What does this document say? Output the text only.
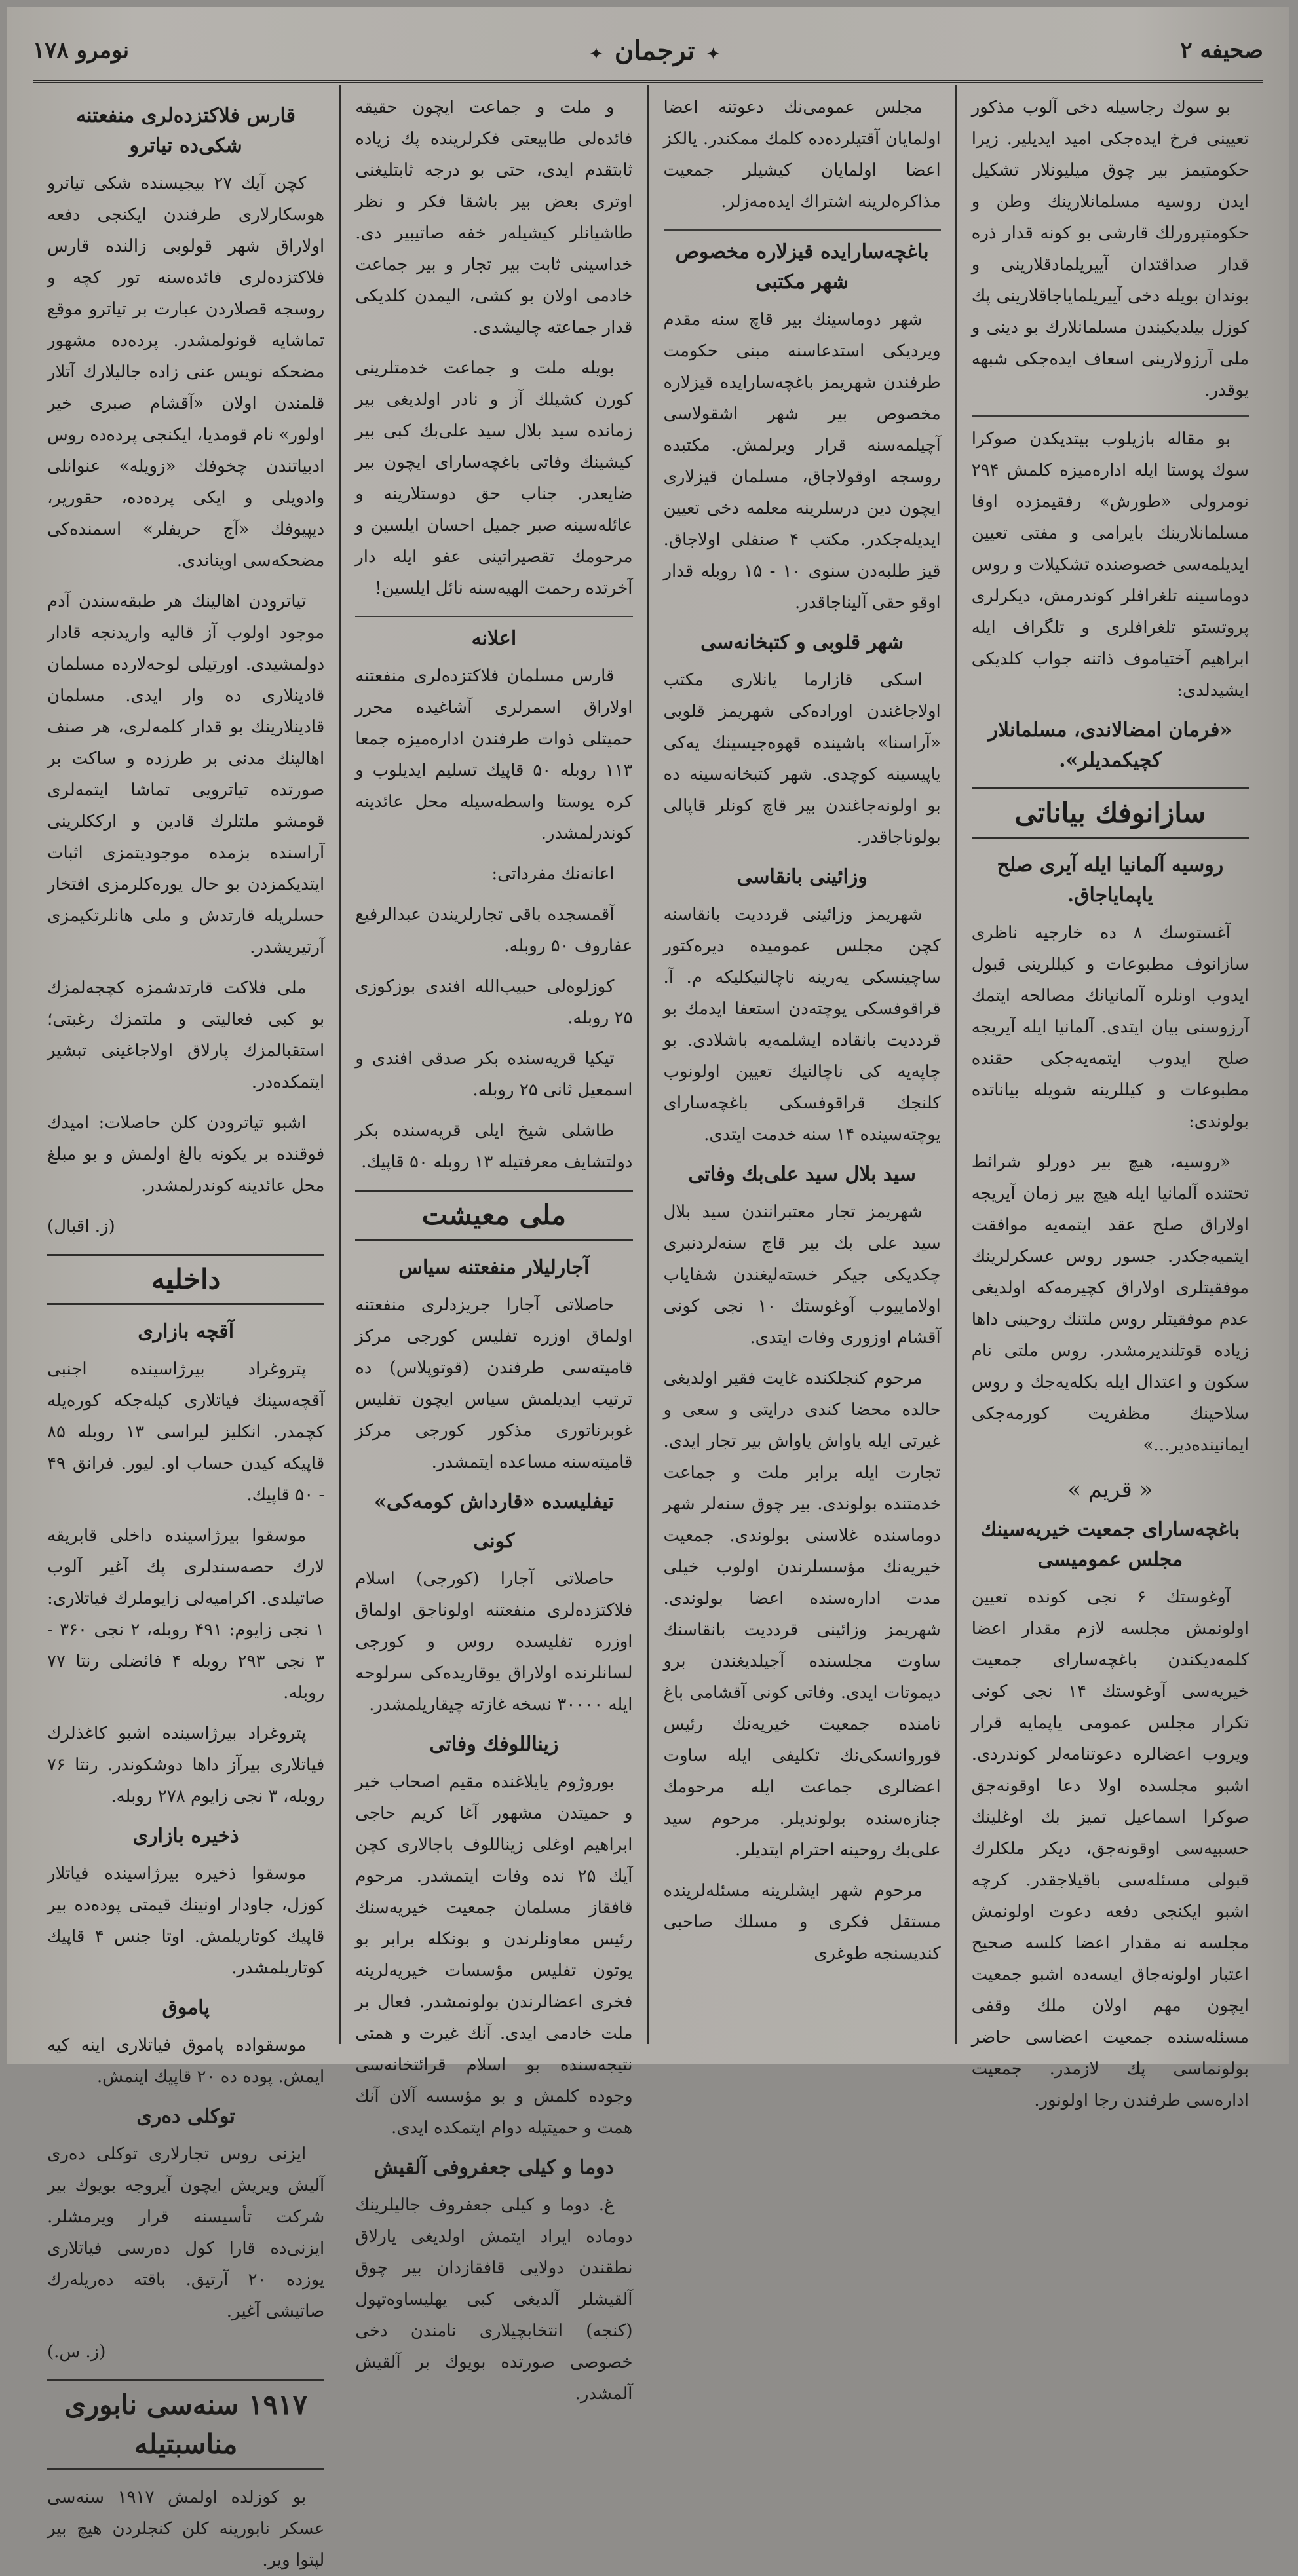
صحیفه ۲
✦ ترجمان ✦
نومرو ۱۷۸

بو سوك رجاسیله دخی آلوب مذكور تعیینی فرخ ایده‌جكی امید ایدیلیر. زیرا حكومتیمز بیر چوق میلیونلار تشكیل ایدن روسیه مسلمانلارینك وطن و حكومتپرورلك قارشی بو كونه قدار ذره قدار صداقتدان آییریلما‌دقلارینی و بوندان بویله دخی آییریلمایاجاقلارینی پك كوزل بیلدیكیندن مسلمانلارك بو دینی و ملی آرزولارینی اسعاف ایده‌جكی شبهه یوقدر.

بو مقاله بازیلوب بیتدیكدن صوكرا سوك پوستا ایله اداره‌میزه كلمش ۲۹۴ نومرولی «طورش» رفقیمزده اوفا مسلمانلارینك بایرامی و مفتی تعیین ایدیلمه‌سی خصوصنده تشكیلات و روس دوماسینه تلغرافلر كوندرمش، دیكرلری پروتستو تلغرافلری و تلگراف ایله ابراهیم آختیاموف ذاتنه جواب كلدیكی ایشیدلدی:

«فرمان امضالاندی، مسلمانلار كچیكمدیلر».
سازانوفك بیاناتی
روسیه آلمانیا ایله آیری صلح یاپمایاجاق.

آغستوسك ۸ ده خارجیه ناظری سازانوف مطبوعات و كیللرینی قبول ایدوب اونلره آلمانیانك مصالحه ایتمك آرزوسنی بیان ایتدی. آلمانیا ایله آیریجه صلح ایدوب ایتمه‌یه‌جكی حقنده مطبوعات و كیللرینه شویله بیاناتده بولوندی:

«روسیه، هیچ بیر دورلو شرائط تحتنده آلمانیا ایله هیچ بیر زمان آیریجه اولاراق صلح عقد ایتمه‌یه موافقت ایتمیه‌جكدر. جسور روس عسكرلرینك موفقیتلری اولاراق كچیرمه‌كه اولدیغی عدم موفقیتلر روس ملتنك روحینی داها زیاده قوتلندیرمشدر. روس ملتی نام سكون و اعتدال ایله بكله‌یه‌جك و روس سلاحینك مظفریت كورمه‌جكی ایمانینده‌دیر...»

« قریم »
باغچه‌سارای جمعیت خیریه‌سینك مجلس عمومیسی

آوغوستك ۶ نجی كونده تعیین اولونمش مجلسه لازم مقدار اعضا كلمه‌دیكندن باغچه‌سارای جمعیت خیریه‌سی آوغوستك ۱۴ نجی كونی تكرار مجلس عمومی یاپمایه قرار ویروب اعضالره دعوتنامه‌لر كوندردی. اشبو مجلسده اولا دعا اوقونه‌جق صوكرا اسماعیل تمیز بك اوغلینك حسبیه‌سی اوقونه‌جق، دیكر ملكلرك قبولی مسئله‌سی باقیلاجقدر. كرچه اشبو ایكنجی دفعه دعوت اولونمش مجلسه نه مقدار اعضا كلسه صحیح اعتبار اولونه‌جاق ایسه‌ده اشبو جمعیت ایچون مهم اولان ملك وقفی مسئله‌سنده جمعیت اعضاسی حاضر بولونماسی پك لازمدر. جمعیت اداره‌سی طرفندن رجا اولونور.

مجلس عمومی‌نك دعوتنه اعضا اولمایان آقتیلرده‌ده كلمك ممكندر. یالكز اعضا اولمایان كیشیلر جمعیت مذاكره‌لرینه اشتراك ایده‌مه‌زلر.

باغچه‌سارایده قیزلاره مخصوص شهر مكتبی

شهر دوماسینك بیر قاچ سنه مقدم ویردیكی استدعاسنه مبنی حكومت طرفندن شهریمز باغچه‌سارایده قیزلاره مخصوص بیر شهر اشقولاسی آچیلمه‌سنه قرار ویرلمش. مكتبده روسجه اوقولاجاق، مسلمان قیزلاری ایچون دین درسلرینه معلمه دخی تعیین ایدیله‌جكدر. مكتب ۴ صنفلی اولاجاق. قیز طلبه‌دن سنوی ۱۰ - ۱۵ روبله قدار اوقو حقی آلیناجاقدر.

شهر قلوبی و كتبخانه‌سی

اسكی قازارما یانلاری مكتب اولاجاغندن اوراده‌كی شهریمز قلوبی «آراسنا» باشینده قهوه‌جیسینك یه‌كی یاپیسینه كوچدی. شهر كتبخانه‌سینه ده بو اولونه‌جاغندن بیر قاچ كونلر قاپالی بولوناجاقدر.

وزائینی بانقاسی

شهریمز وزائینی قرددیت بانقاسنه كچن مجلس عمومیده دیرەكتور ساچینسكی یه‌رینه ناچالنیكلیكه م. آ. قراقوفسكی یوچته‌دن استعفا ایدمك بو قرددیت بانقاده ایشلمه‌یه باشلادی. بو چاپه‌یه كی ناچالنیك تعیین اولونوب كلنجك قراقوفسكی باغچه‌سارای یوچته‌سینده ۱۴ سنه خدمت ایتدی.

سید بلال سید علی‌بك وفاتی

شهریمز تجار معتبرانندن سید بلال سید علی بك بیر قاچ سنه‌لردنبری چكدیكی جیكر خسته‌لیغندن شفایاب اولاماییوب آوغوستك ۱۰ نجی كونی آقشام اوزوری وفات ایتدی.

مرحوم كنجلكنده غایت فقیر اولدیغی حالده محضا كندی درایتی و سعی و غیرتی ایله یاواش یاواش بیر تجار ایدی. تجارت ایله برابر ملت و جماعت خدمتنده بولوندی. بیر چوق سنه‌لر شهر دوماسنده غلاسنی بولوندی. جمعیت خیریه‌نك مؤسسلرندن اولوب خیلی مدت اداره‌سنده اعضا بولوندی. شهریمز وزائینی قرددیت بانقاسنك ساوت مجلسنده آجیلدیغندن برو دیموتات ایدی. وفاتی كونی آقشامی باغ نامنده جمعیت خیریه‌نك رئیس قوروانسكی‌نك تكلیفی ایله ساوت اعضالری جماعت ایله مرحومك جنازه‌سنده بولوندیلر. مرحوم سید علی‌بك روحینه احترام ایتدیلر.

مرحوم شهر ایشلرینه مسئله‌لرینده مستقل فكری و مسلك صاحبی كندیسنجه طوغری

و ملت و جماعت ایچون حقیقه فائده‌لی طابیعتی فكرلرینده پك زیاده ثابتقدم ایدی، حتی بو درجه ثابتلیغنی اوتری بعض بیر باشقا فكر و نظر طاشیانلر كیشیله‌ر خفه صاتیبیر دی. خداسینی ثابت بیر تجار و بیر جماعت خادمی اولان بو كشی، الیمدن كلدیكی قدار جماعته چالیشدی.

بویله ملت و جماعت خدمتلرینی كورن كشیلك آز و نادر اولدیغی بیر زمانده سید بلال سید علی‌بك كبی بیر كیشینك وفاتی باغچه‌سارای ایچون بیر ضایعدر. جناب حق دوستلارینه و عائله‌سینه صبر جمیل احسان ایلسین و مرحومك تقصیراتینی عفو ایله دار آخرتده رحمت الهیه‌سنه نائل ایلسین!

اعلانه

قارس مسلمان فلاكتزده‌لری منفعتنه اولاراق اسمرلری آشاغیده محرر حمیتلی ذوات طرفندن اداره‌میزه جمعا ۱۱۳ روبله ۵۰ قاپیك تسلیم ایدیلوب و كره یوستا واسطه‌سیله محل عائدینه كوندرلمشدر.

اعانه‌نك مفرداتی:

آقمسجده باقی تجارلریندن عبدالرفیع عفاروف ۵۰ روبله.

كوزلوه‌لی حبیب‌الله افندی بوزكوزی ۲۵ روبله.

تیكیا قریه‌سنده بكر صدقی افندی و اسمعیل ثانی ۲۵ روبله.

طاشلی شیخ ایلی قریه‌سنده بكر دولتشایف معرفتیله ۱۳ روبله ۵۰ قاپیك.

ملی معیشت
آجارلیلار منفعتنه سیاس

حاصلاتی آجارا جریزدلری منفعتنه اولماق اوزره تفلیس كورجی مركز قامیته‌سی طرفندن (قوتوپلاس) ده ترتیب ایدیلمش سیاس ایچون تفلیس غوبرناتوری مذكور كورجی مركز قامیته‌سنه مساعده ایتمشدر.

تیفلیسده «قارداش كومه‌كی»
كونی

حاصلاتی آجارا (كورجی) اسلام فلاكتزده‌لری منفعتنه اولوناجق اولماق اوزره تفلیسده روس و كورجی لسانلرنده اولاراق یوقاریده‌كی سرلوحه ایله ۳۰۰۰۰ نسخه غازته چیقاریلمشدر.

زیناللوفك وفاتی

بوروژوم یایلاغنده مقیم اصحاب خیر و حمیتدن مشهور آغا كریم حاجی ابراهیم اوغلی زیناللوف باجالاری كچن آیك ۲۵ نده وفات ایتمشدر. مرحوم قافقاز مسلمان جمعیت خیریه‌سنك رئیس معاونلرندن و بونكله برابر بو یوتون تفلیس مؤسسات خیریه‌لرینه فخری اعضالرندن بولونمشدر. فعال بر ملت خادمی ایدی. آنك غیرت و همتی نتیجه‌سنده بو اسلام قرائتخانه‌سی وجوده كلمش و بو مؤسسه آلان آنك همت و حمیتیله دوام ایتمكده ایدی.

دوما و كیلی جعفروفی آلقیش

غ. دوما و كیلی جعفروف جالیلرینك دوماده ایراد ایتمش اولدیغی یارلاق نطقندن دولایی قافقازدان بیر چوق آلقیشلر آلدیغی كبی یهلیساوه‌تپول (كنجه) انتخابچیلاری نامندن دخی خصوصی صورتده بویوك بر آلقیش آلمشدر.

قارس فلاكتزده‌لری منفعتنه شكی‌ده تیاترو

كچن آیك ۲۷ بیجیسنده شكی تیاترو هوسكارلاری طرفندن ایكنجی دفعه اولاراق شهر قولوبی زالنده قارس فلاكتزده‌لری فائده‌سنه تور كچه و روسجه قصلاردن عبارت بر تیاترو موقع تماشایه قونولمشدر. پرده‌ده مشهور مضحكه نویس عنی زاده جالیلارك آتلار قلمندن اولان «آقشام صبری خیر اولور» نام قومدیا، ایكنجی پرده‌ده روس ادبیاتندن چخوفك «زویله» عنوانلی وادویلی و ایكی پرده‌ده، حقوریر، دیپیوفك «آج حریفلر» اسمنده‌كی مضحكه‌سی اویناندی.

تیاترودن اهالینك هر طبقه‌سندن آدم موجود اولوب آز قالیه واریدنجه قادار دولمشیدی. اورتیلی لوحه‌لارده مسلمان قادینلاری ده وار ایدی. مسلمان قادینلارینك بو قدار كلمه‌لری، هر صنف اهالینك مدنی بر طرزده و ساكت بر صورتده تیاترویی تماشا ایتمه‌لری قومشو ملتلرك قادین و ارككلرینی آراسنده بزمده موجودیتمزی اثبات ایتدیكمزدن بو حال یوره‌كلرمزی افتخار حسلریله قارتدش و ملی هانلرتكیمزی آرتیریشدر.

ملی فلاكت قارتدشمزه كچجه‌لمزك بو كبی فعالیتی و ملتمزك رغبتی؛ استقبالمزك پارلاق اولاجاغینی تبشیر ایتمكده‌در.

اشبو تیاترودن كلن حاصلات: امیدك فوقنده بر یكونه بالغ اولمش و بو مبلغ محل عائدینه كوندرلمشدر.

(ز. اقبال)
داخلیه
آقچه بازاری

پتروغراد بیرژاسینده اجنبی آقچه‌سینك فیاتلاری كیله‌جكه كوره‌یله كچمدر. انكلیز لیراسی ۱۳ روبله ۸۵ قاپیكه كیدن حساب او. لیور. فرانق ۴۹ - ۵۰ قاپیك.

موسقوا بیرژاسینده داخلی قابریقه لارك حصه‌سندلری پك آغیر آلوب صاتیلدی. اكرامیه‌لی زایوملرك فیاتلاری: ۱ نجی زایوم: ۴۹۱ روبله، ۲ نجی ۳۶۰ - ۳ نجی ۲۹۳ روبله ۴ فائضلی رنتا ۷۷ روبله.

پتروغراد بیرژاسینده اشبو كاغذلرك فیاتلاری بیرآز داها دوشكوندر. رنتا ۷۶ روبله، ۳ نجی زایوم ۲۷۸ روبله.

ذخیره بازاری

موسقوا ذخیره بیرژاسینده فیاتلار كوزل، جاودار اونینك قیمتی پوده‌ده بیر قاپیك كوتاریلمش. اوتا جنس ۴ قاپیك كوتاریلمشدر.

پاموق

موسقواده پاموق فیاتلاری اینه كیه ایمش. پوده ده ۲۰ قاپیك اینمش.

توكلی دەری

ایزنی روس تجارلاری توكلی دەری آلیش ویریش ایچون آیروجه بویوك بیر شركت تأسیسنه قرار ویرمشلر. ایزنی‌ده قارا كول دەرسی فیاتلاری یوزده ۲۰ آرتیق. باقته دەریلەرك صاتیشی آغیر.

(ز. س.)
۱۹۱۷ سنه‌سی نابوری مناسبتیله

بو كوزلده اولمش ۱۹۱۷ سنه‌سی عسكر نابورینه كلن كنجلردن هیچ بیر لپتوا ویر.
